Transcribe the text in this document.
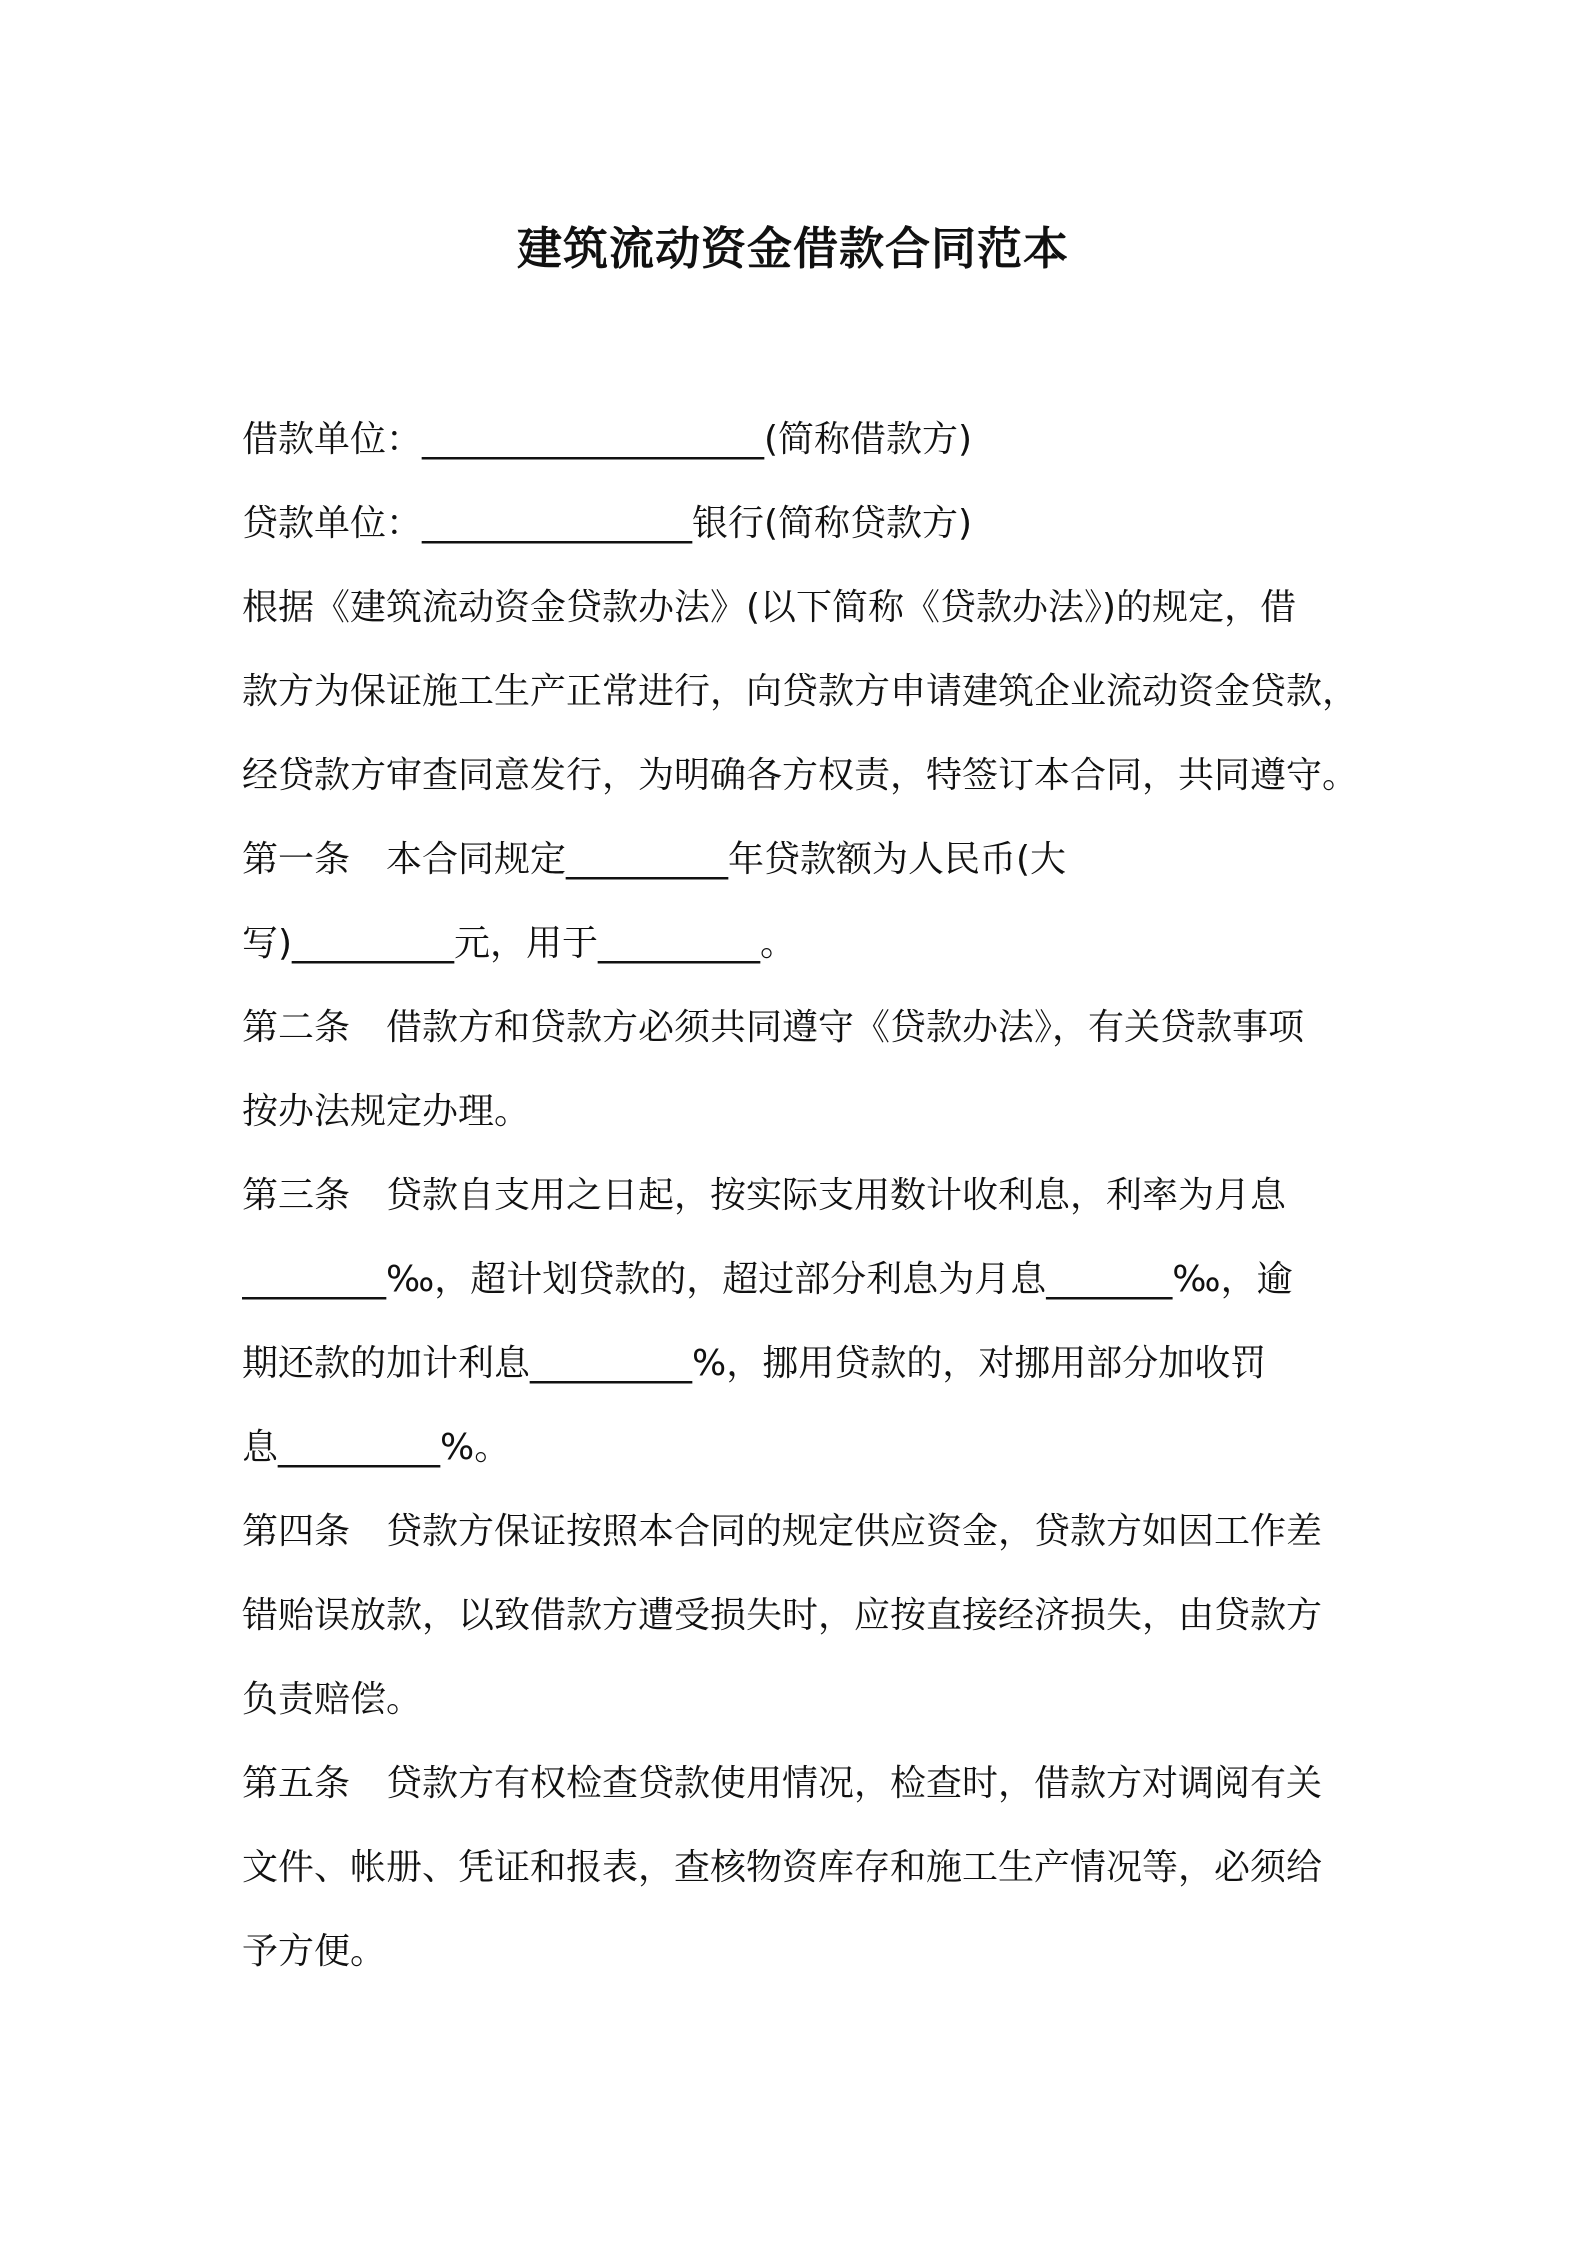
建筑流动资金借款合同范本
借款单位：___________________(简称借款方)
贷款单位：_______________银行(简称贷款方)
根据《建筑流动资金贷款办法》(以下简称《贷款办法》)的规定，借
款方为保证施工生产正常进行，向贷款方申请建筑企业流动资金贷款，
经贷款方审查同意发行，为明确各方权责，特签订本合同，共同遵守。
第一条 本合同规定_________年贷款额为人民币(大
写)_________元，用于_________。
第二条 借款方和贷款方必须共同遵守《贷款办法》，有关贷款事项
按办法规定办理。
第三条 贷款自支用之日起，按实际支用数计收利息，利率为月息
________‰，超计划贷款的，超过部分利息为月息_______‰，逾
期还款的加计利息_________%，挪用贷款的，对挪用部分加收罚
息_________%。
第四条 贷款方保证按照本合同的规定供应资金，贷款方如因工作差
错贻误放款，以致借款方遭受损失时，应按直接经济损失，由贷款方
负责赔偿。
第五条 贷款方有权检查贷款使用情况，检查时，借款方对调阅有关
文件、帐册、凭证和报表，查核物资库存和施工生产情况等，必须给
予方便。
